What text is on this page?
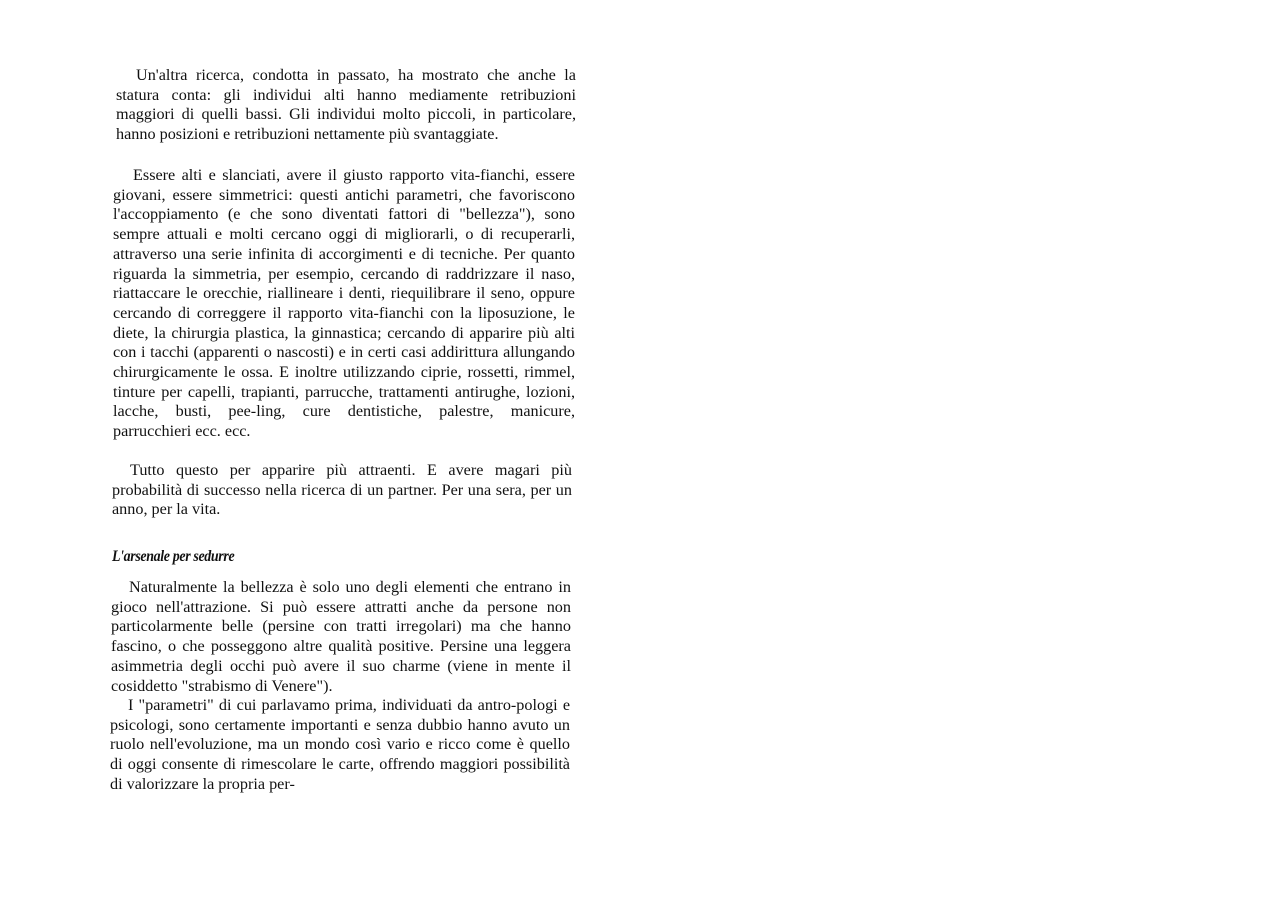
Un'altra ricerca, condotta in passato, ha mostrato che anche la statura conta: gli individui alti hanno mediamente retribuzioni maggiori di quelli bassi. Gli individui molto piccoli, in particolare, hanno posizioni e retribuzioni nettamente più svantaggiate.

Essere alti e slanciati, avere il giusto rapporto vita-fianchi, essere giovani, essere simmetrici: questi antichi parametri, che favoriscono l'accoppiamento (e che sono diventati fattori di "bellezza"), sono sempre attuali e molti cercano oggi di migliorarli, o di recuperarli, attraverso una serie infinita di accorgimenti e di tecniche. Per quanto riguarda la simmetria, per esempio, cercando di raddrizzare il naso, riattaccare le orecchie, riallineare i denti, riequilibrare il seno, oppure cercando di correggere il rapporto vita-fianchi con la liposuzione, le diete, la chirurgia plastica, la ginnastica; cercando di apparire più alti con i tacchi (apparenti o nascosti) e in certi casi addirittura allungando chirurgicamente le ossa. E inoltre utilizzando ciprie, rossetti, rimmel, tinture per capelli, trapianti, parrucche, trattamenti antirughe, lozioni, lacche, busti, pee-ling, cure dentistiche, palestre, manicure, parrucchieri ecc. ecc.

Tutto questo per apparire più attraenti. E avere magari più probabilità di successo nella ricerca di un partner. Per una sera, per un anno, per la vita.

L'arsenale per sedurre

Naturalmente la bellezza è solo uno degli elementi che entrano in gioco nell'attrazione. Si può essere attratti anche da persone non particolarmente belle (persine con tratti irregolari) ma che hanno fascino, o che posseggono altre qualità positive. Persine una leggera asimmetria degli occhi può avere il suo charme (viene in mente il cosiddetto "strabismo di Venere").

I "parametri" di cui parlavamo prima, individuati da antro-pologi e psicologi, sono certamente importanti e senza dubbio hanno avuto un ruolo nell'evoluzione, ma un mondo così vario e ricco come è quello di oggi consente di rimescolare le carte, offrendo maggiori possibilità di valorizzare la propria per-
